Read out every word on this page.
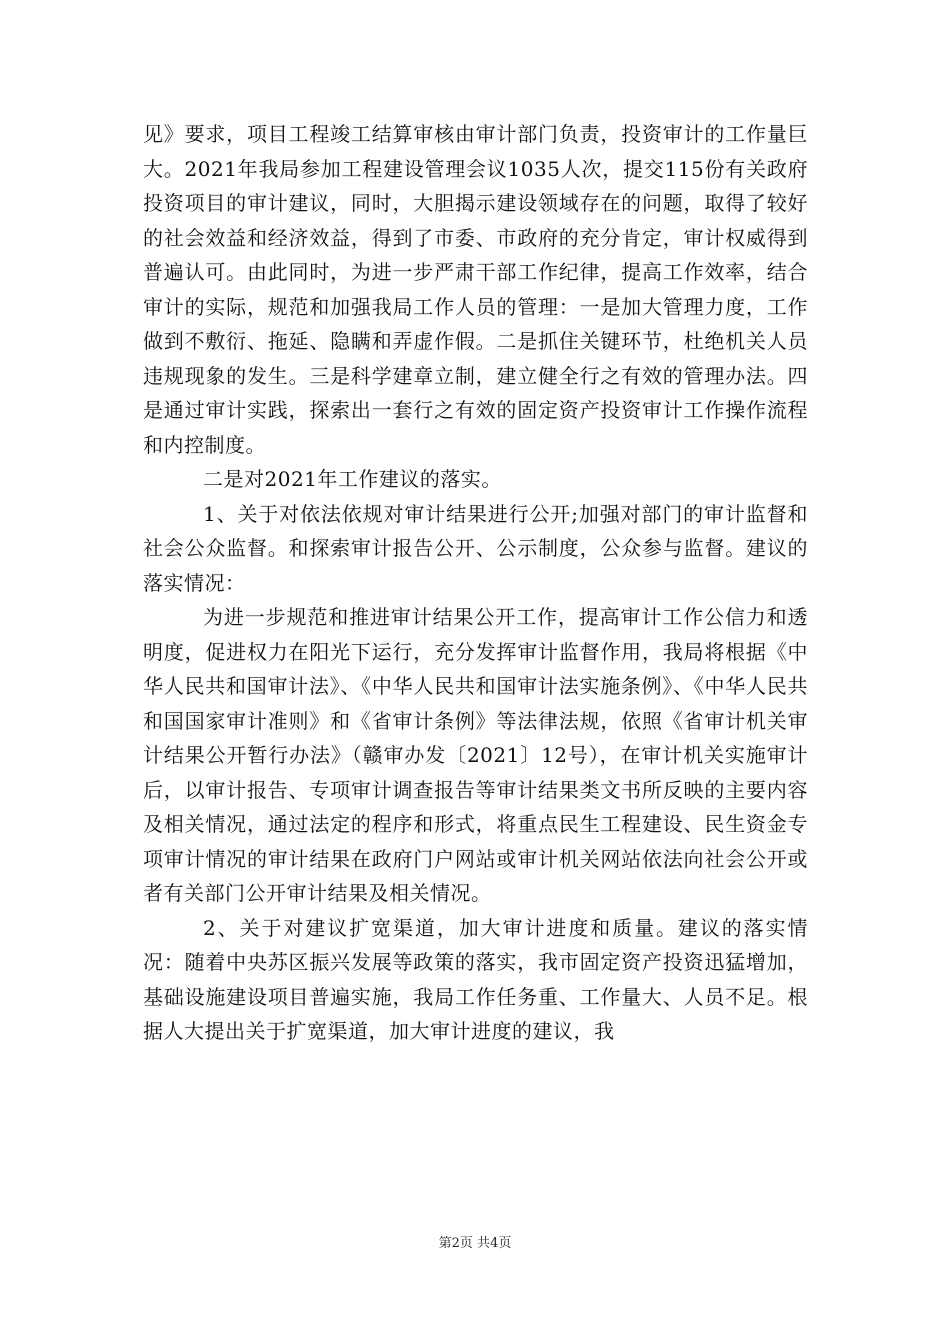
见》要求，项目工程竣工结算审核由审计部门负责，投资审计的工作量巨大。2021年我局参加工程建设管理会议1035人次，提交115份有关政府投资项目的审计建议，同时，大胆揭示建设领域存在的问题，取得了较好的社会效益和经济效益，得到了市委、市政府的充分肯定，审计权威得到普遍认可。由此同时，为进一步严肃干部工作纪律，提高工作效率，结合审计的实际，规范和加强我局工作人员的管理：一是加大管理力度，工作做到不敷衍、拖延、隐瞒和弄虚作假。二是抓住关键环节，杜绝机关人员违规现象的发生。三是科学建章立制，建立健全行之有效的管理办法。四是通过审计实践，探索出一套行之有效的固定资产投资审计工作操作流程和内控制度。

二是对2021年工作建议的落实。

1、关于对依法依规对审计结果进行公开;加强对部门的审计监督和社会公众监督。和探索审计报告公开、公示制度，公众参与监督。建议的落实情况：

为进一步规范和推进审计结果公开工作，提高审计工作公信力和透明度，促进权力在阳光下运行，充分发挥审计监督作用，我局将根据《中华人民共和国审计法》、《中华人民共和国审计法实施条例》、《中华人民共和国国家审计准则》和《省审计条例》等法律法规，依照《省审计机关审计结果公开暂行办法》（赣审办发〔2021〕12号），在审计机关实施审计后，以审计报告、专项审计调查报告等审计结果类文书所反映的主要内容及相关情况，通过法定的程序和形式，将重点民生工程建设、民生资金专项审计情况的审计结果在政府门户网站或审计机关网站依法向社会公开或者有关部门公开审计结果及相关情况。

2、关于对建议扩宽渠道，加大审计进度和质量。建议的落实情况：随着中央苏区振兴发展等政策的落实，我市固定资产投资迅猛增加，基础设施建设项目普遍实施，我局工作任务重、工作量大、人员不足。根据人大提出关于扩宽渠道，加大审计进度的建议，我

第2页 共4页
